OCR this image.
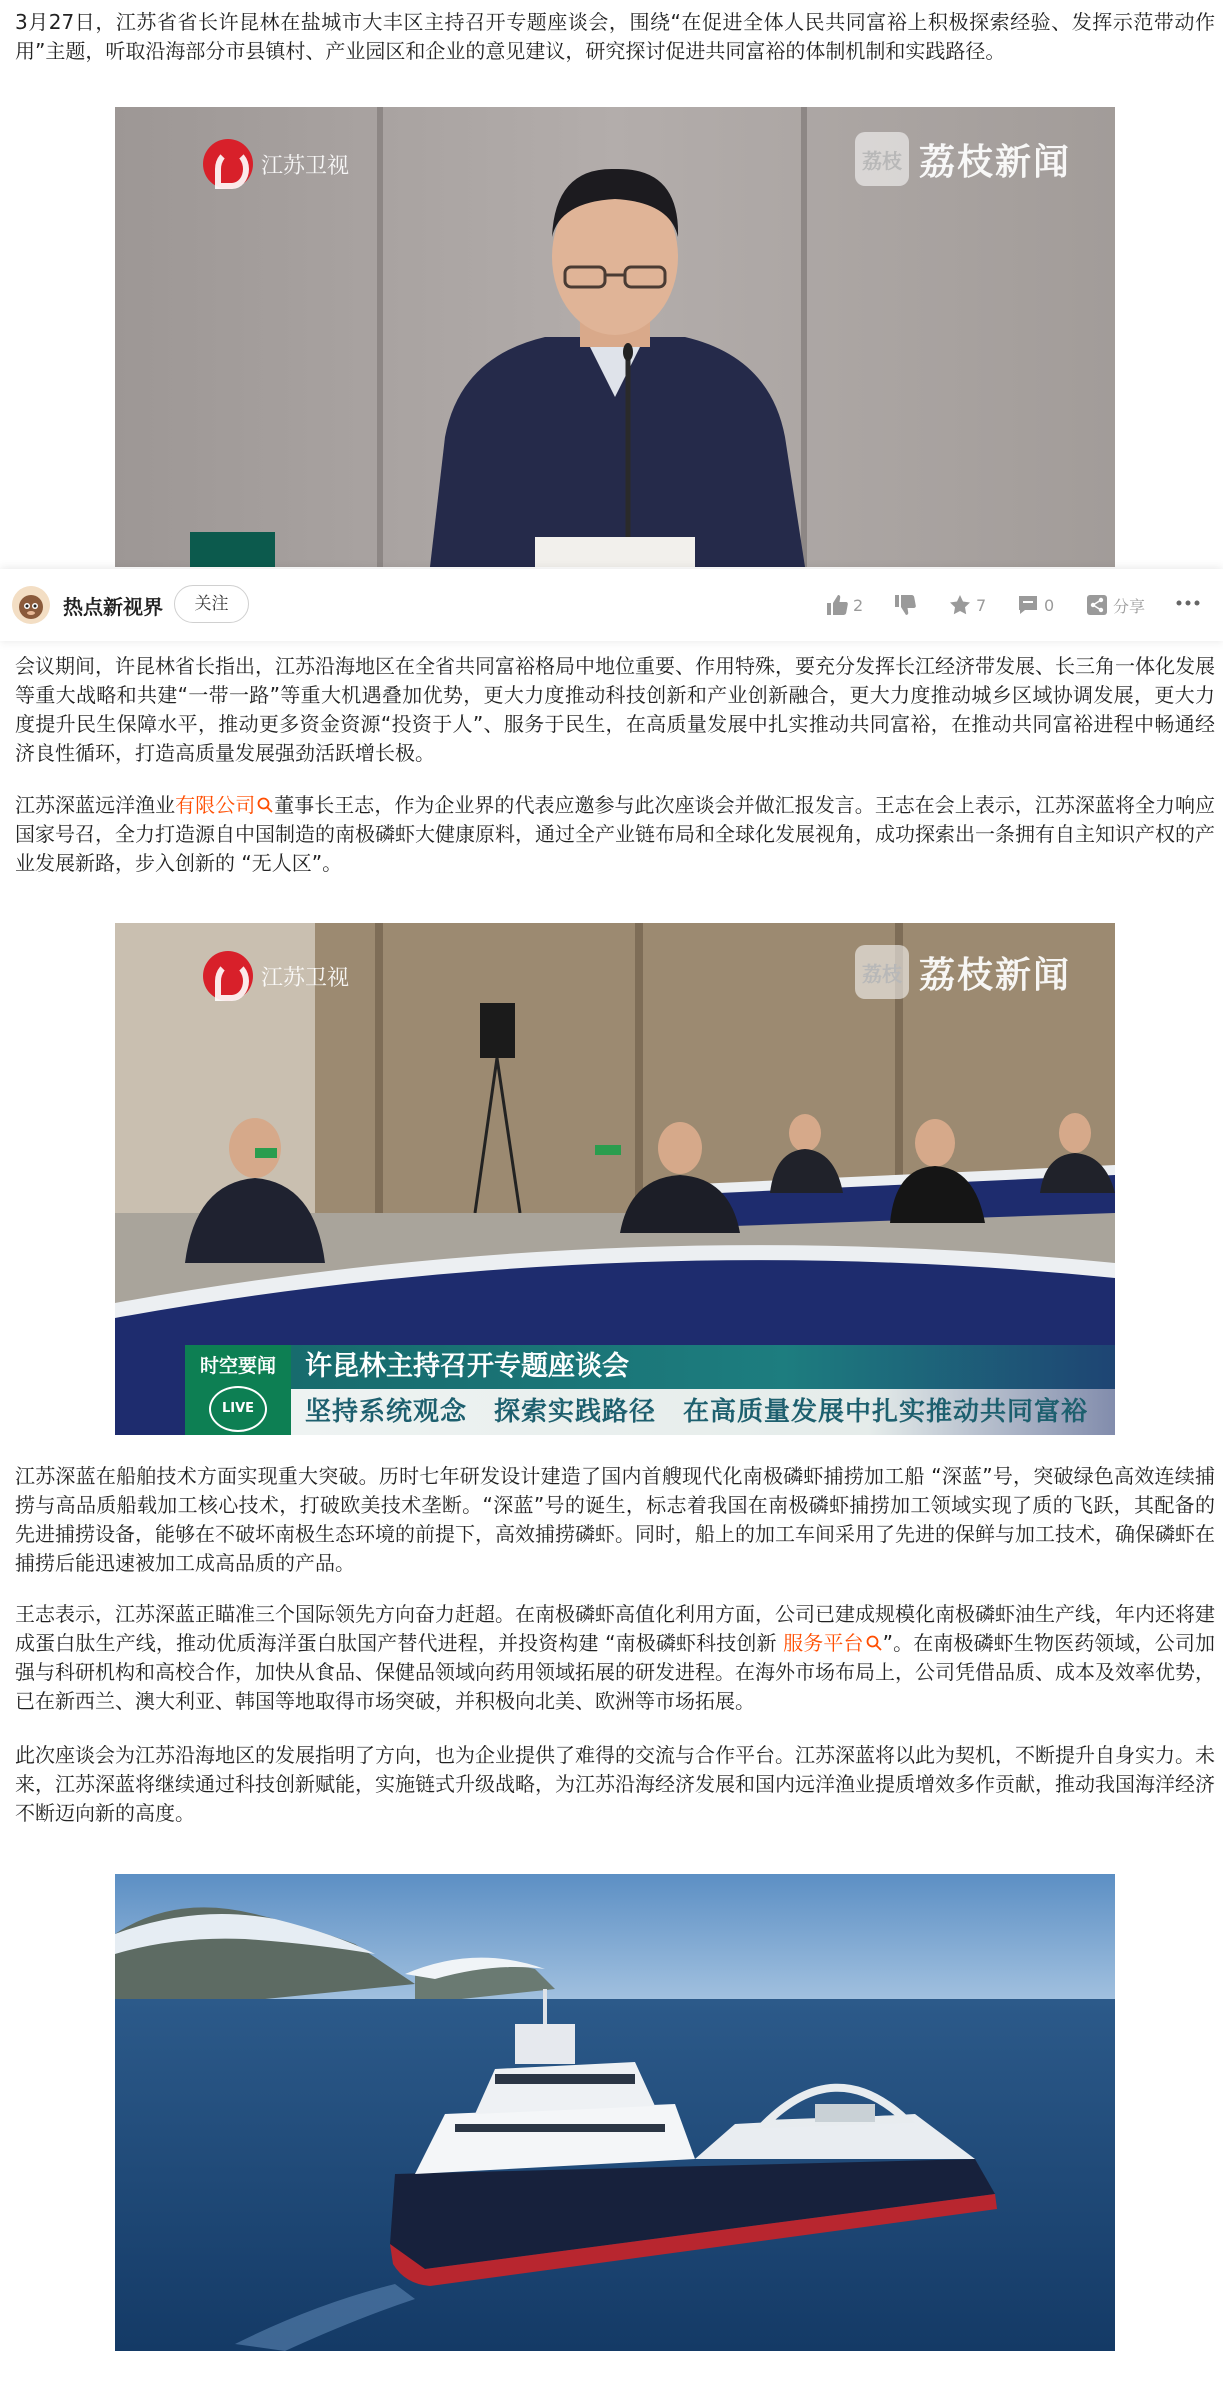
3月27日，江苏省省长许昆林在盐城市大丰区主持召开专题座谈会，围绕“在促进全体人民共同富裕上积极探索经验、发挥示范带动作用”主题，听取沿海部分市县镇村、产业园区和企业的意见建议，研究探讨促进共同富裕的体制机制和实践路径。

江苏卫视	荔枝 荔枝新闻
热点新视界	关注	2	7	0	分享

会议期间，许昆林省长指出，江苏沿海地区在全省共同富裕格局中地位重要、作用特殊，要充分发挥长江经济带发展、长三角一体化发展等重大战略和共建“一带一路”等重大机遇叠加优势，更大力度推动科技创新和产业创新融合，更大力度推动城乡区域协调发展，更大力度提升民生保障水平，推动更多资金资源“投资于人”、服务于民生，在高质量发展中扎实推动共同富裕，在推动共同富裕进程中畅通经济良性循环，打造高质量发展强劲活跃增长极。

江苏深蓝远洋渔业有限公司 董事长王志，作为企业界的代表应邀参与此次座谈会并做汇报发言。王志在会上表示，江苏深蓝将全力响应国家号召，全力打造源自中国制造的南极磷虾大健康原料，通过全产业链布局和全球化发展视角，成功探索出一条拥有自主知识产权的产业发展新路，步入创新的 “无人区”。

江苏卫视	荔枝 荔枝新闻
时空要闻
LIVE
许昆林主持召开专题座谈会
坚持系统观念　探索实践路径　在高质量发展中扎实推动共同富裕

江苏深蓝在船舶技术方面实现重大突破。历时七年研发设计建造了国内首艘现代化南极磷虾捕捞加工船 “深蓝”号，突破绿色高效连续捕捞与高品质船载加工核心技术，打破欧美技术垄断。“深蓝”号的诞生，标志着我国在南极磷虾捕捞加工领域实现了质的飞跃，其配备的先进捕捞设备，能够在不破坏南极生态环境的前提下，高效捕捞磷虾。同时，船上的加工车间采用了先进的保鲜与加工技术，确保磷虾在捕捞后能迅速被加工成高品质的产品。

王志表示，江苏深蓝正瞄准三个国际领先方向奋力赶超。在南极磷虾高值化利用方面，公司已建成规模化南极磷虾油生产线，年内还将建成蛋白肽生产线，推动优质海洋蛋白肽国产替代进程，并投资构建 “南极磷虾科技创新 服务平台 ”。在南极磷虾生物医药领域，公司加强与科研机构和高校合作，加快从食品、保健品领域向药用领域拓展的研发进程。在海外市场布局上，公司凭借品质、成本及效率优势，已在新西兰、澳大利亚、韩国等地取得市场突破，并积极向北美、欧洲等市场拓展。

此次座谈会为江苏沿海地区的发展指明了方向，也为企业提供了难得的交流与合作平台。江苏深蓝将以此为契机，不断提升自身实力。未来，江苏深蓝将继续通过科技创新赋能，实施链式升级战略，为江苏沿海经济发展和国内远洋渔业提质增效多作贡献，推动我国海洋经济不断迈向新的高度。
